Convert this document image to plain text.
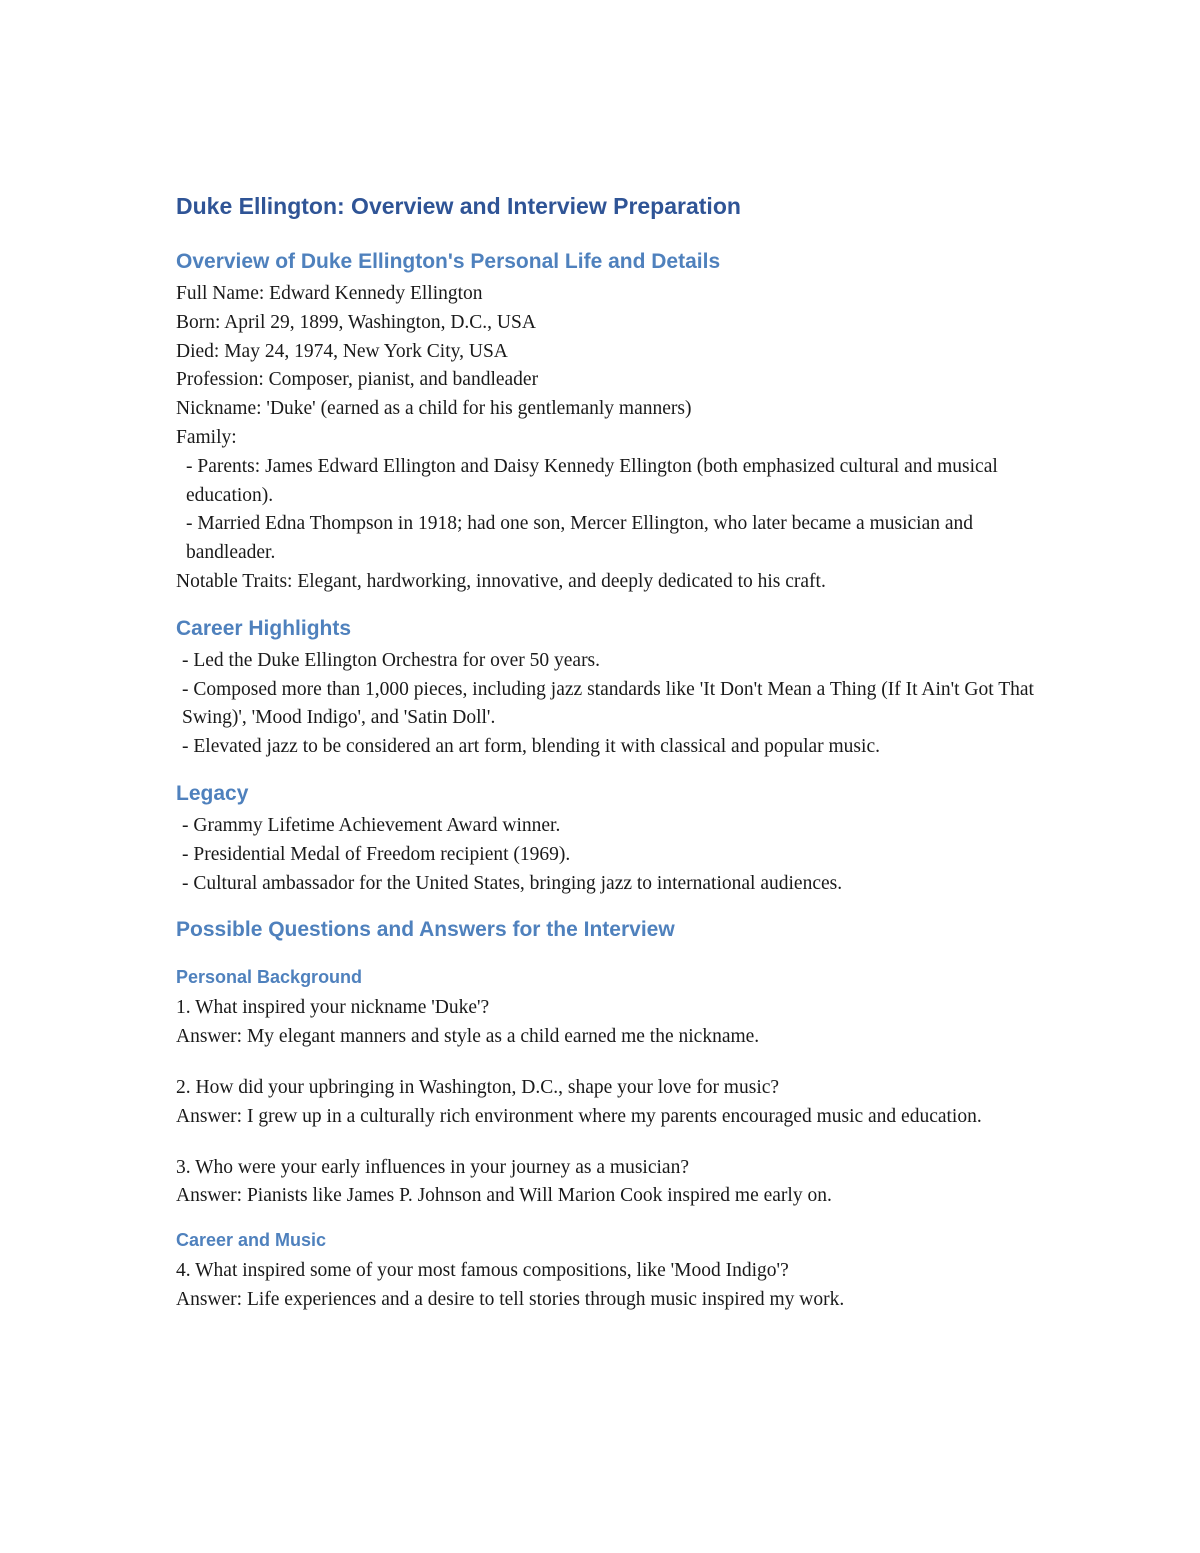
Duke Ellington: Overview and Interview Preparation
Overview of Duke Ellington's Personal Life and Details

Full Name: Edward Kennedy Ellington

Born: April 29, 1899, Washington, D.C., USA

Died: May 24, 1974, New York City, USA

Profession: Composer, pianist, and bandleader

Nickname: 'Duke' (earned as a child for his gentlemanly manners)

Family:

- Parents: James Edward Ellington and Daisy Kennedy Ellington (both emphasized cultural and musical education).

- Married Edna Thompson in 1918; had one son, Mercer Ellington, who later became a musician and bandleader.

Notable Traits: Elegant, hardworking, innovative, and deeply dedicated to his craft.

Career Highlights

- Led the Duke Ellington Orchestra for over 50 years.

- Composed more than 1,000 pieces, including jazz standards like 'It Don't Mean a Thing (If It Ain't Got That Swing)', 'Mood Indigo', and 'Satin Doll'.

- Elevated jazz to be considered an art form, blending it with classical and popular music.

Legacy

- Grammy Lifetime Achievement Award winner.

- Presidential Medal of Freedom recipient (1969).

- Cultural ambassador for the United States, bringing jazz to international audiences.

Possible Questions and Answers for the Interview
Personal Background

1. What inspired your nickname 'Duke'?

Answer: My elegant manners and style as a child earned me the nickname.

2. How did your upbringing in Washington, D.C., shape your love for music?

Answer: I grew up in a culturally rich environment where my parents encouraged music and education.

3. Who were your early influences in your journey as a musician?

Answer: Pianists like James P. Johnson and Will Marion Cook inspired me early on.

Career and Music

4. What inspired some of your most famous compositions, like 'Mood Indigo'?

Answer: Life experiences and a desire to tell stories through music inspired my work.
